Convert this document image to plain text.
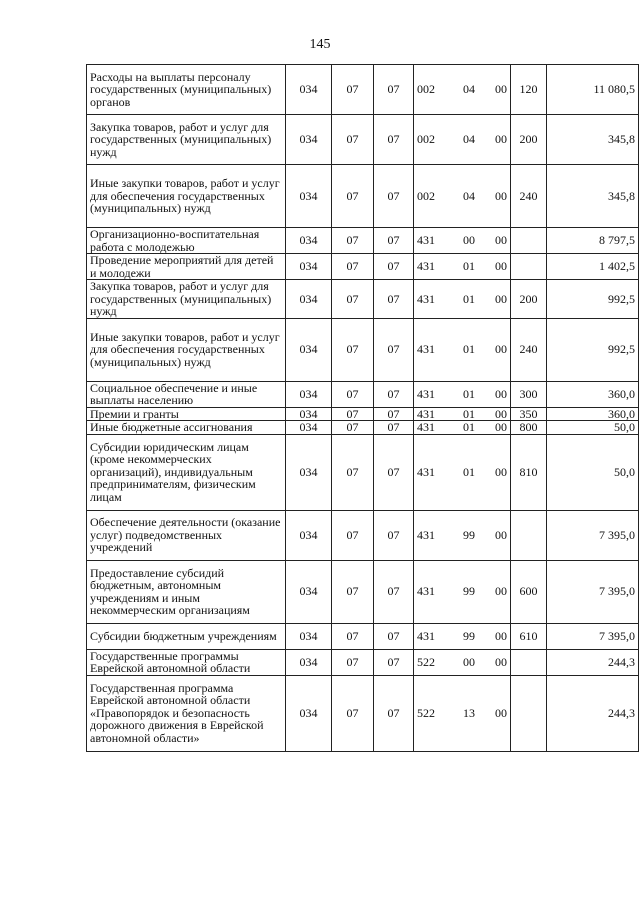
145
Расходы на выплаты персоналу государственных (муниципальных) органов	034	07	07	002	04	00	120	11 080,5
Закупка товаров, работ и услуг для государственных (муниципальных) нужд	034	07	07	002	04	00	200	345,8
Иные закупки товаров, работ и услуг для обеспечения государственных (муниципальных) нужд	034	07	07	002	04	00	240	345,8
Организационно-воспитательная работа с молодежью	034	07	07	431	00	00		8 797,5
Проведение мероприятий для детей и молодежи	034	07	07	431	01	00		1 402,5
Закупка товаров, работ и услуг для государственных (муниципальных) нужд	034	07	07	431	01	00	200	992,5
Иные закупки товаров, работ и услуг для обеспечения государственных (муниципальных) нужд	034	07	07	431	01	00	240	992,5
Социальное обеспечение и иные выплаты населению	034	07	07	431	01	00	300	360,0
Премии и гранты	034	07	07	431	01	00	350	360,0
Иные бюджетные ассигнования	034	07	07	431	01	00	800	50,0
Субсидии юридическим лицам (кроме некоммерческих организаций), индивидуальным предпринимателям, физическим лицам	034	07	07	431	01	00	810	50,0
Обеспечение деятельности (оказание услуг) подведомственных учреждений	034	07	07	431	99	00		7 395,0
Предоставление субсидий бюджетным, автономным учреждениям и иным некоммерческим организациям	034	07	07	431	99	00	600	7 395,0
Субсидии бюджетным учреждениям	034	07	07	431	99	00	610	7 395,0
Государственные программы Еврейской автономной области	034	07	07	522	00	00		244,3
Государственная программа Еврейской автономной области «Правопорядок и безопасность дорожного движения в Еврейской автономной области»	034	07	07	522	13	00		244,3
